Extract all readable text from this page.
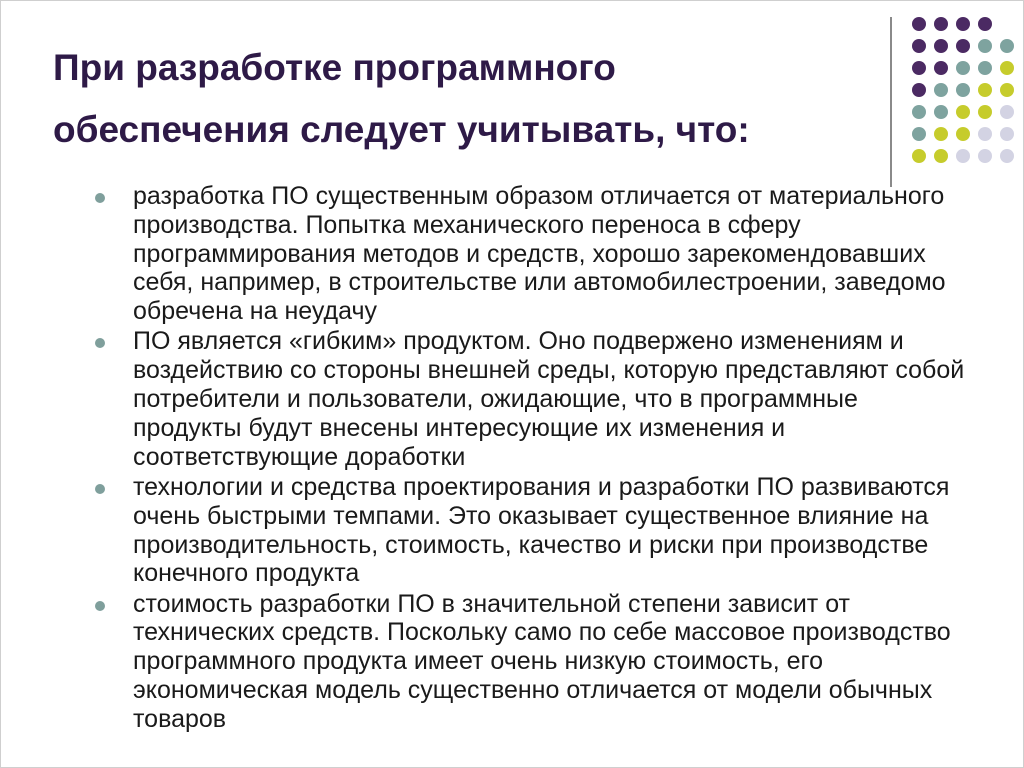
При разработке программного обеспечения следует учитывать, что:
разработка ПО существенным образом отличается от материального производства. Попытка механического переноса в сферу программирования методов и средств, хорошо зарекомендовавших себя, например, в строительстве или автомобилестроении, заведомо обречена на неудачу
ПО является «гибким» продуктом. Оно подвержено изменениям и воздействию со стороны внешней среды, которую представляют собой потребители и пользователи, ожидающие, что в программные продукты будут внесены интересующие их изменения и соответствующие доработки
технологии и средства проектирования и разработки ПО развиваются очень быстрыми темпами. Это оказывает существенное влияние на производительность, стоимость, качество и риски при производстве конечного продукта
стоимость разработки ПО в значительной степени зависит от технических средств. Поскольку само по себе массовое производство программного продукта имеет очень низкую стоимость, его экономическая модель существенно отличается от модели обычных товаров
